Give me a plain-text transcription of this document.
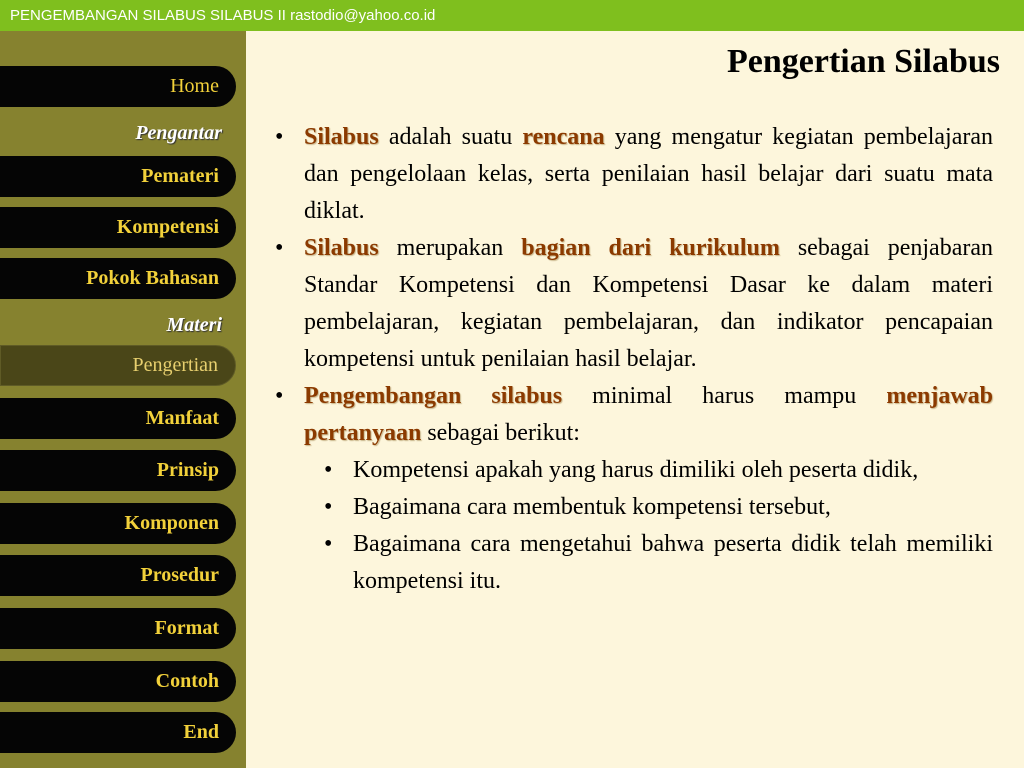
PENGEMBANGAN SILABUS SILABUS II rastodio@yahoo.co.id
Home
Pengantar
Pemateri
Kompetensi
Pokok Bahasan
Materi
Pengertian
Manfaat
Prinsip
Komponen
Prosedur
Format
Contoh
End
Pengertian Silabus
• Silabus adalah suatu rencana yang mengatur kegiatan pembelajaran dan pengelolaan kelas, serta penilaian hasil belajar dari suatu mata diklat.
• Silabus merupakan bagian dari kurikulum sebagai penjabaran Standar Kompetensi dan Kompetensi Dasar ke dalam materi pembelajaran, kegiatan pembelajaran, dan indikator pencapaian kompetensi untuk penilaian hasil belajar.
• Pengembangan silabus minimal harus mampu menjawab pertanyaan sebagai berikut:
• Kompetensi apakah yang harus dimiliki oleh peserta didik,
• Bagaimana cara membentuk kompetensi tersebut,
• Bagaimana cara mengetahui bahwa peserta didik telah memiliki kompetensi itu.
